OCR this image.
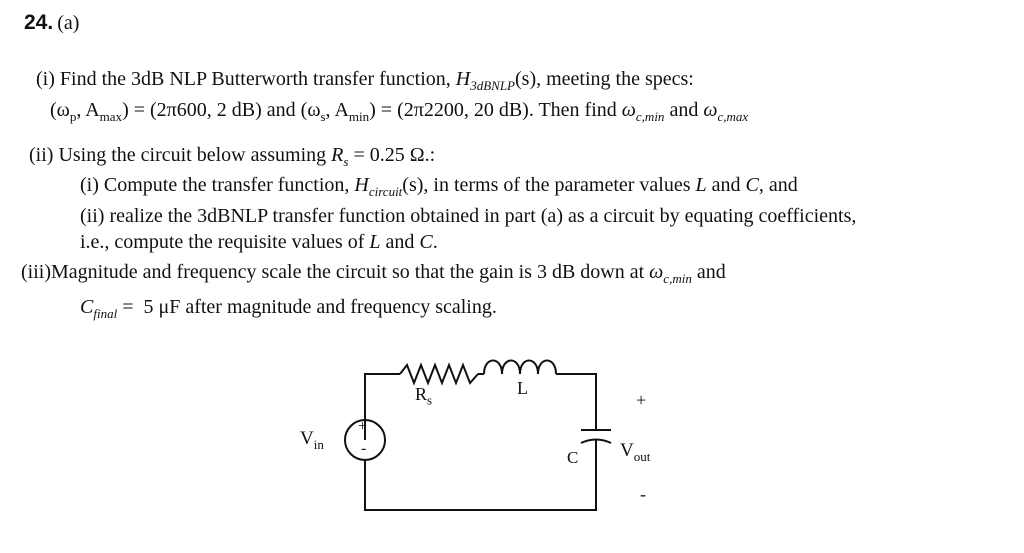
24. (a)
(i) Find the 3dB NLP Butterworth transfer function, $H_{3dBNLP}(s)$, meeting the specs:
($\omega_p$, $A_{max}) = (2\pi 600$, 2 dB) and ($\omega_s$, $A_{min}) = (2\pi 2200$, 20 dB). Then find $\omega_{c,min}$ and $\omega_{c,max}$
(ii) Using the circuit below assuming $R_s = 0.25$ Ω.:
(i) Compute the transfer function, $H_{circuit}(s)$, in terms of the parameter values L and C, and
(ii) realize the 3dBNLP transfer function obtained in part (a) as a circuit by equating coefficients,
i.e., compute the requisite values of L and C.
(iii)Magnitude and frequency scale the circuit so that the gain is 3 dB down at $\omega_{c,min}$ and
$C_{final} = 5$ μF after magnitude and frequency scaling.
$R_s$
L
+
-
$V_{in}$
C $V_{out}$
+
-
